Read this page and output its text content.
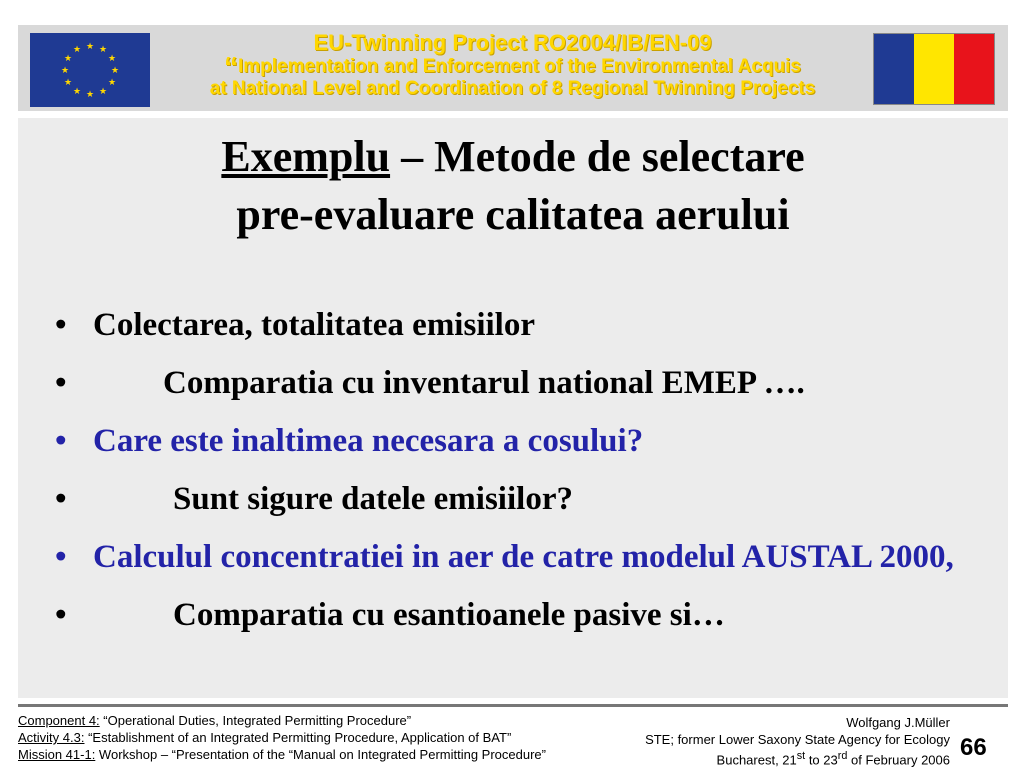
★ ★
★
★
★
★
★
★
★
★
★
★	EU-Twinning Project RO2004/IB/EN-09
“Implementation and Enforcement of the Environmental Acquis
at National Level and Coordination of 8 Regional Twinning Projects
Exemplu – Metode de selectare
pre-evaluare calitatea aerului
• Colectarea, totalitatea emisiilor
•	Comparatia cu inventarul national EMEP ….
• Care este inaltimea necesara a cosului?
•	Sunt sigure datele emisiilor?
• Calculul concentratiei in aer de catre modelul AUSTAL 2000,
•	Comparatia cu esantioanele pasive si…
Component 4: “Operational Duties, Integrated Permitting Procedure”
Activity 4.3: “Establishment of an Integrated Permitting Procedure, Application of BAT”
Mission 41-1: Workshop – “Presentation of the “Manual on Integrated Permitting Procedure”
Wolfgang J.Müller
STE; former Lower Saxony State Agency for Ecology
Bucharest, 21st to 23rd of February 2006 66
